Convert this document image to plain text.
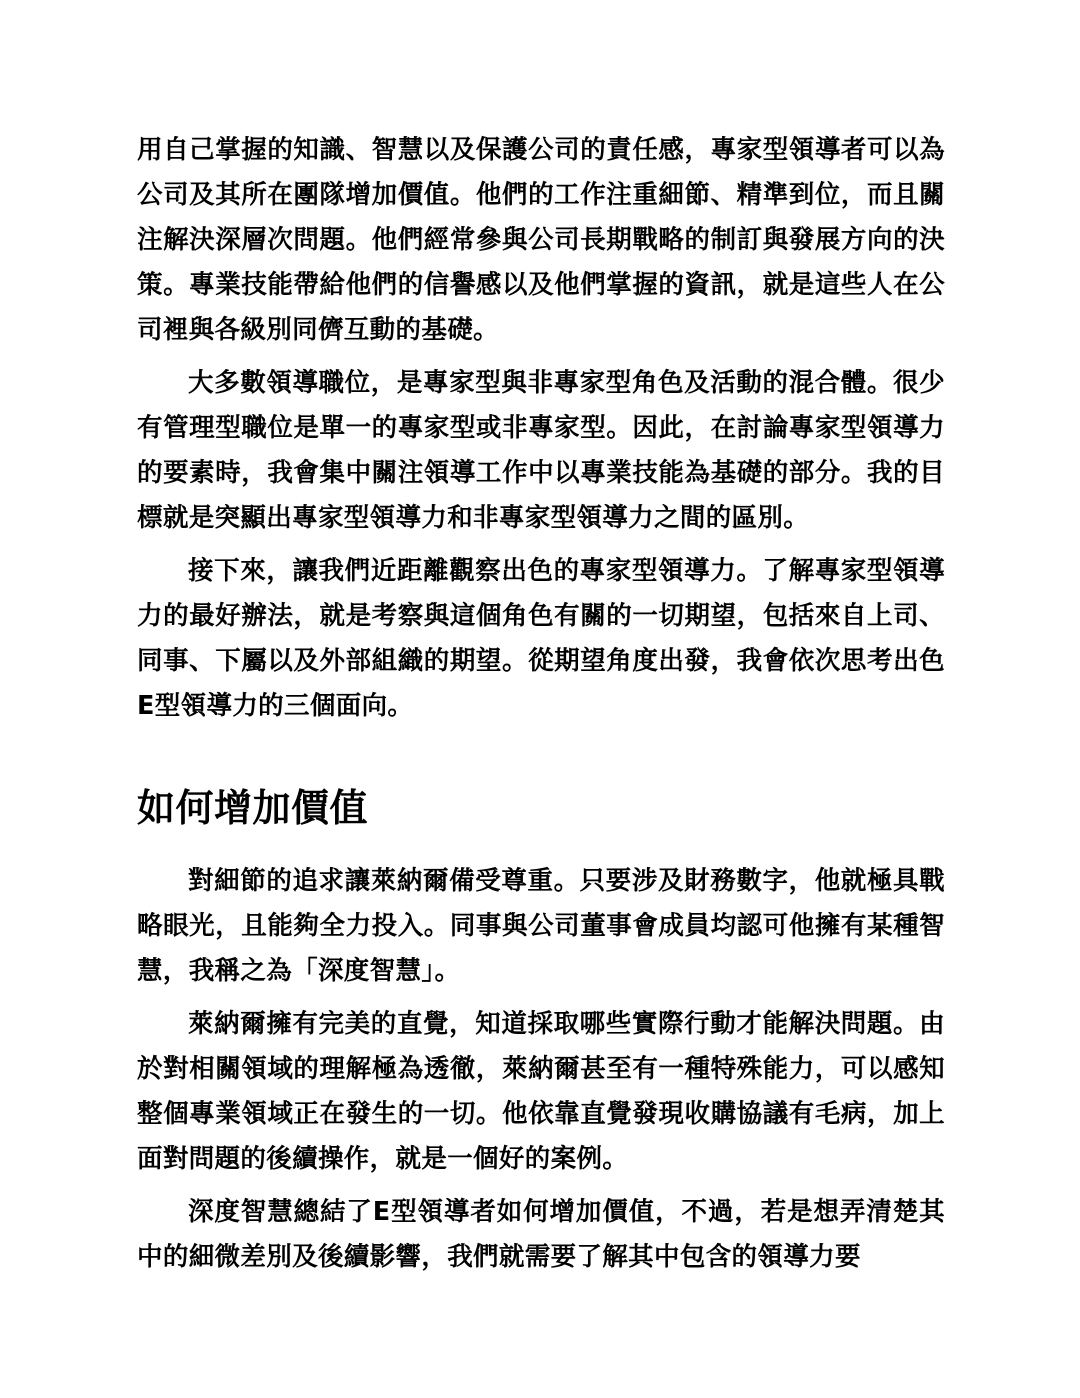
用自己掌握的知識、智慧以及保護公司的責任感，專家型領導者可以為公司及其所在團隊增加價值。他們的工作注重細節、精準到位，而且關注解決深層次問題。他們經常參與公司長期戰略的制訂與發展方向的決策。專業技能帶給他們的信譽感以及他們掌握的資訊，就是這些人在公司裡與各級別同儕互動的基礎。

大多數領導職位，是專家型與非專家型角色及活動的混合體。很少有管理型職位是單一的專家型或非專家型。因此，在討論專家型領導力的要素時，我會集中關注領導工作中以專業技能為基礎的部分。我的目標就是突顯出專家型領導力和非專家型領導力之間的區別。

接下來，讓我們近距離觀察出色的專家型領導力。了解專家型領導力的最好辦法，就是考察與這個角色有關的一切期望，包括來自上司、同事、下屬以及外部組織的期望。從期望角度出發，我會依次思考出色E型領導力的三個面向。

如何增加價值

對細節的追求讓萊納爾備受尊重。只要涉及財務數字，他就極具戰略眼光，且能夠全力投入。同事與公司董事會成員均認可他擁有某種智慧，我稱之為「深度智慧」。

萊納爾擁有完美的直覺，知道採取哪些實際行動才能解決問題。由於對相關領域的理解極為透徹，萊納爾甚至有一種特殊能力，可以感知整個專業領域正在發生的一切。他依靠直覺發現收購協議有毛病，加上面對問題的後續操作，就是一個好的案例。

深度智慧總結了E型領導者如何增加價值，不過，若是想弄清楚其中的細微差別及後續影響，我們就需要了解其中包含的領導力要
